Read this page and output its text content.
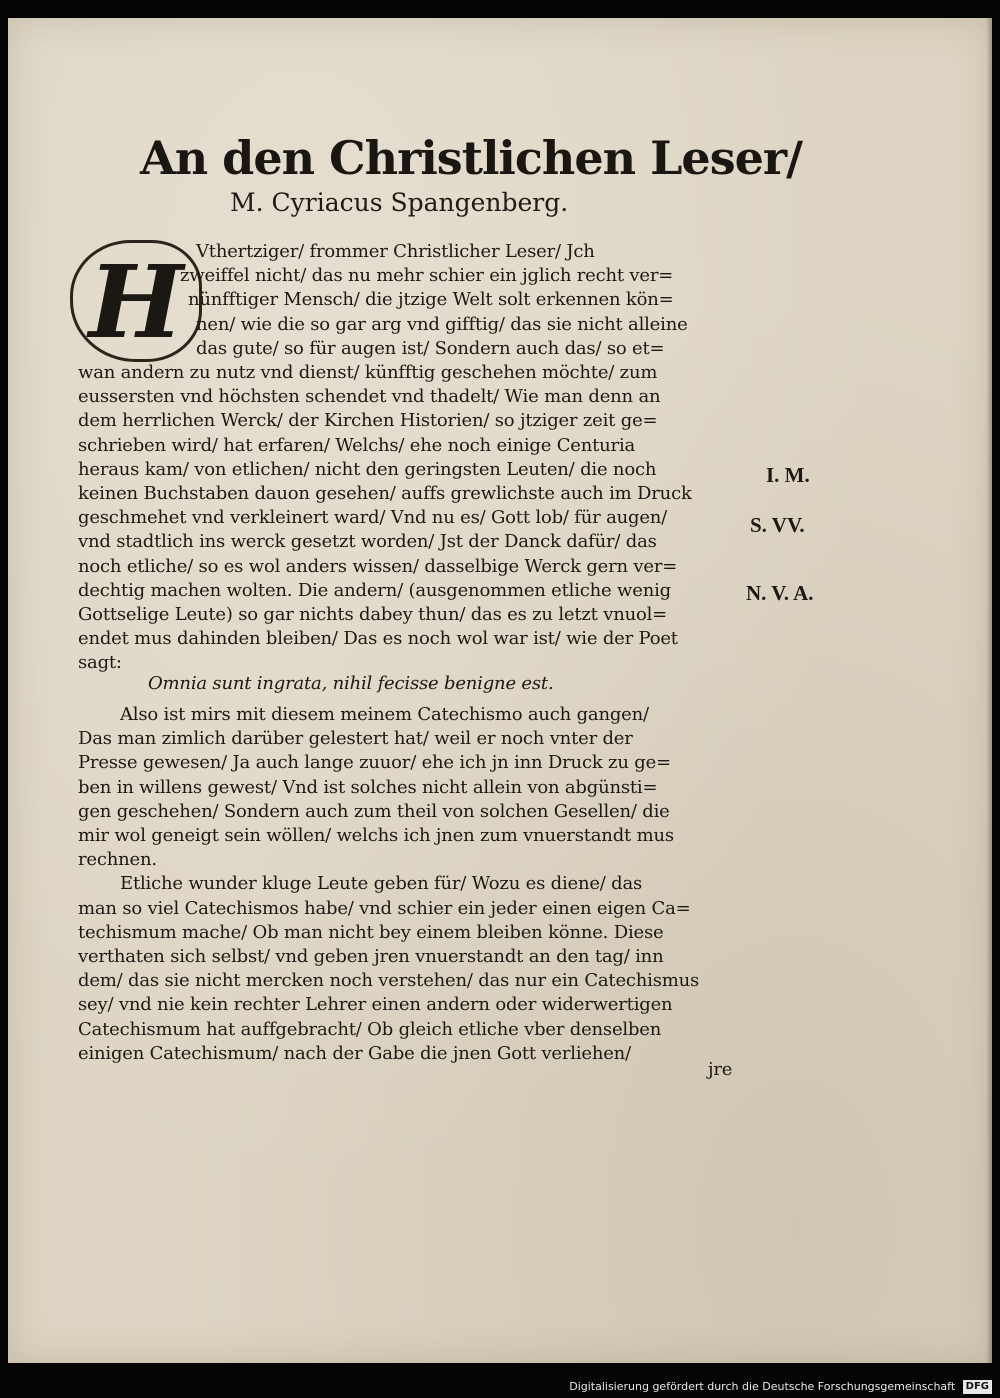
An den Christlichen Leser/
M. Cyriacus Spangenberg.
H Vthertziger/ frommer Christlicher Leser/ Jch
zweiffel nicht/ das nu mehr schier ein jglich recht ver=
nünfftiger Mensch/ die jtzige Welt solt erkennen kön=
nen/ wie die so gar arg vnd gifftig/ das sie nicht alleine
das gute/ so für augen ist/ Sondern auch das/ so et=
wan andern zu nutz vnd dienst/ künfftig geschehen möchte/ zum
eussersten vnd höchsten schendet vnd thadelt/ Wie man denn an
dem herrlichen Werck/ der Kirchen Historien/ so jtziger zeit ge=
schrieben wird/ hat erfaren/ Welchs/ ehe noch einige Centuria
heraus kam/ von etlichen/ nicht den geringsten Leuten/ die noch
keinen Buchstaben dauon gesehen/ auffs grewlichste auch im Druck
geschmehet vnd verkleinert ward/ Vnd nu es/ Gott lob/ für augen/
vnd stadtlich ins werck gesetzt worden/ Jst der Danck dafür/ das
noch etliche/ so es wol anders wissen/ dasselbige Werck gern ver=
dechtig machen wolten. Die andern/ (ausgenommen etliche wenig
Gottselige Leute) so gar nichts dabey thun/ das es zu letzt vnuol=
endet mus dahinden bleiben/ Das es noch wol war ist/ wie der Poet
sagt:
Omnia sunt ingrata, nihil fecisse benigne est.
Also ist mirs mit diesem meinem Catechismo auch gangen/
Das man zimlich darüber gelestert hat/ weil er noch vnter der
Presse gewesen/ Ja auch lange zuuor/ ehe ich jn inn Druck zu ge=
ben in willens gewest/ Vnd ist solches nicht allein von abgünsti=
gen geschehen/ Sondern auch zum theil von solchen Gesellen/ die
mir wol geneigt sein wöllen/ welchs ich jnen zum vnuerstandt mus
rechnen.
Etliche wunder kluge Leute geben für/ Wozu es diene/ das
man so viel Catechismos habe/ vnd schier ein jeder einen eigen Ca=
techismum mache/ Ob man nicht bey einem bleiben könne. Diese
verthaten sich selbst/ vnd geben jren vnuerstandt an den tag/ inn
dem/ das sie nicht mercken noch verstehen/ das nur ein Catechismus
sey/ vnd nie kein rechter Lehrer einen andern oder widerwertigen
Catechismum hat auffgebracht/ Ob gleich etliche vber denselben
einigen Catechismum/ nach der Gabe die jnen Gott verliehen/
jre
I. M.
S. VV.
N. V. A.
Digitalisierung gefördert durch die Deutsche Forschungsgemeinschaft DFG
